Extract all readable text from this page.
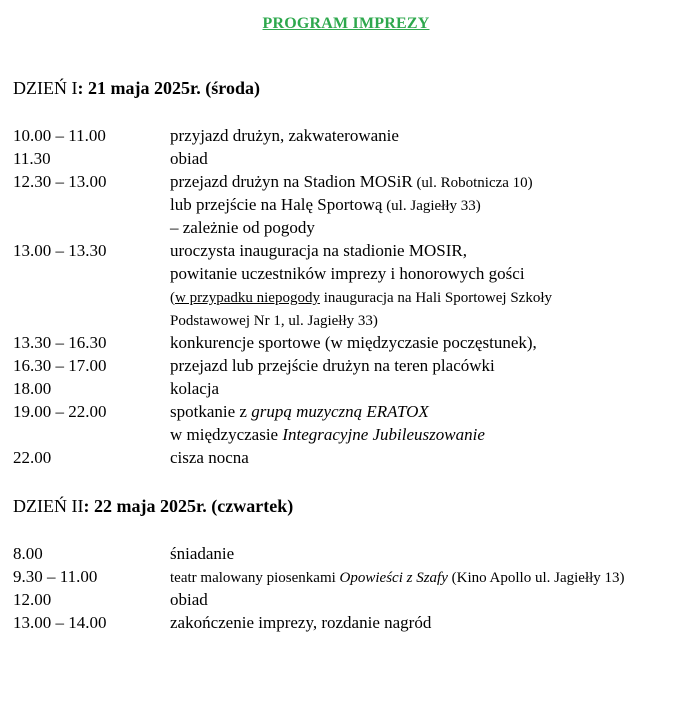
PROGRAM IMPREZY
DZIEŃ I: 21 maja 2025r. (środa)
10.00 – 11.00	przyjazd drużyn, zakwaterowanie
11.30	obiad
12.30 – 13.00	przejazd drużyn na Stadion MOSiR (ul. Robotnicza 10)
lub przejście na Halę Sportową (ul. Jagiełły 33)
– zależnie od pogody
13.00 – 13.30	uroczysta inauguracja na stadionie MOSIR,
powitanie uczestników imprezy i honorowych gości
(w przypadku niepogody inauguracja na Hali Sportowej Szkoły
Podstawowej Nr 1, ul. Jagiełły 33)
13.30 – 16.30	konkurencje sportowe (w międzyczasie poczęstunek),
16.30 – 17.00	przejazd lub przejście drużyn na teren placówki
18.00	kolacja
19.00 – 22.00	spotkanie z grupą muzyczną ERATOX
w międzyczasie Integracyjne Jubileuszowanie
22.00	cisza nocna
DZIEŃ II: 22 maja 2025r. (czwartek)
8.00	śniadanie
9.30 – 11.00	teatr malowany piosenkami Opowieści z Szafy (Kino Apollo ul. Jagiełły 13)
12.00	obiad
13.00 – 14.00	zakończenie imprezy, rozdanie nagród
